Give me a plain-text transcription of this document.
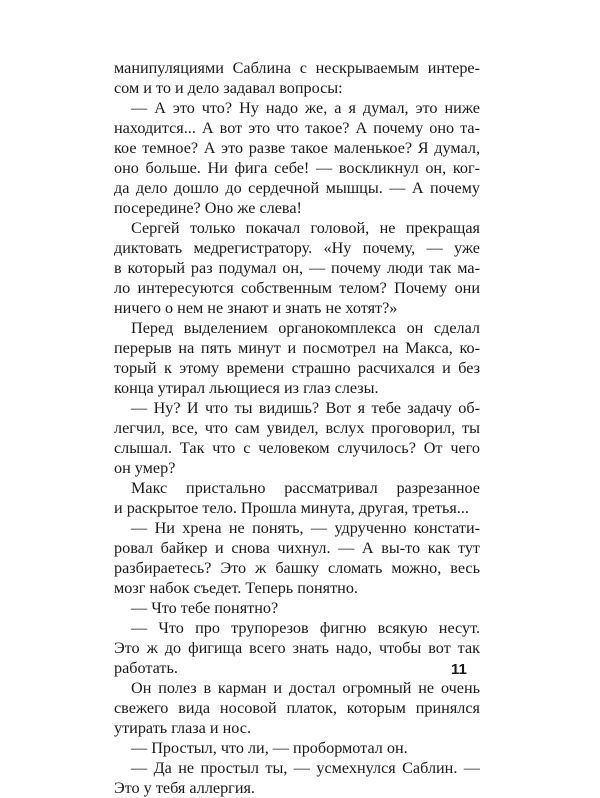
манипуляциями Саблина с нескрываемым интере-
сом и то и дело задавал вопросы:
— А это что? Ну надо же, а я думал, это ниже
находится... А вот это что такое? А почему оно та-
кое темное? А это разве такое маленькое? Я думал,
оно больше. Ни фига себе! — воскликнул он, ког-
да дело дошло до сердечной мышцы. — А почему
посередине? Оно же слева!
Сергей только покачал головой, не прекращая
диктовать медрегистратору. «Ну почему, — уже
в который раз подумал он, — почему люди так ма-
ло интересуются собственным телом? Почему они
ничего о нем не знают и знать не хотят?»
Перед выделением органокомплекса он сделал
перерыв на пять минут и посмотрел на Макса, ко-
торый к этому времени страшно расчихался и без
конца утирал льющиеся из глаз слезы.
— Ну? И что ты видишь? Вот я тебе задачу об-
легчил, все, что сам увидел, вслух проговорил, ты
слышал. Так что с человеком случилось? От чего
он умер?
Макс пристально рассматривал разрезанное
и раскрытое тело. Прошла минута, другая, третья...
— Ни хрена не понять, — удрученно констати-
ровал байкер и снова чихнул. — А вы-то как тут
разбираетесь? Это ж башку сломать можно, весь
мозг набок съедет. Теперь понятно.
— Что тебе понятно?
— Что про трупорезов фигню всякую несут.
Это ж до фигища всего знать надо, чтобы вот так
работать.
Он полез в карман и достал огромный не очень
свежего вида носовой платок, которым принялся
утирать глаза и нос.
— Простыл, что ли, — пробормотал он.
— Да не простыл ты, — усмехнулся Саблин. —
Это у тебя аллергия.
11
